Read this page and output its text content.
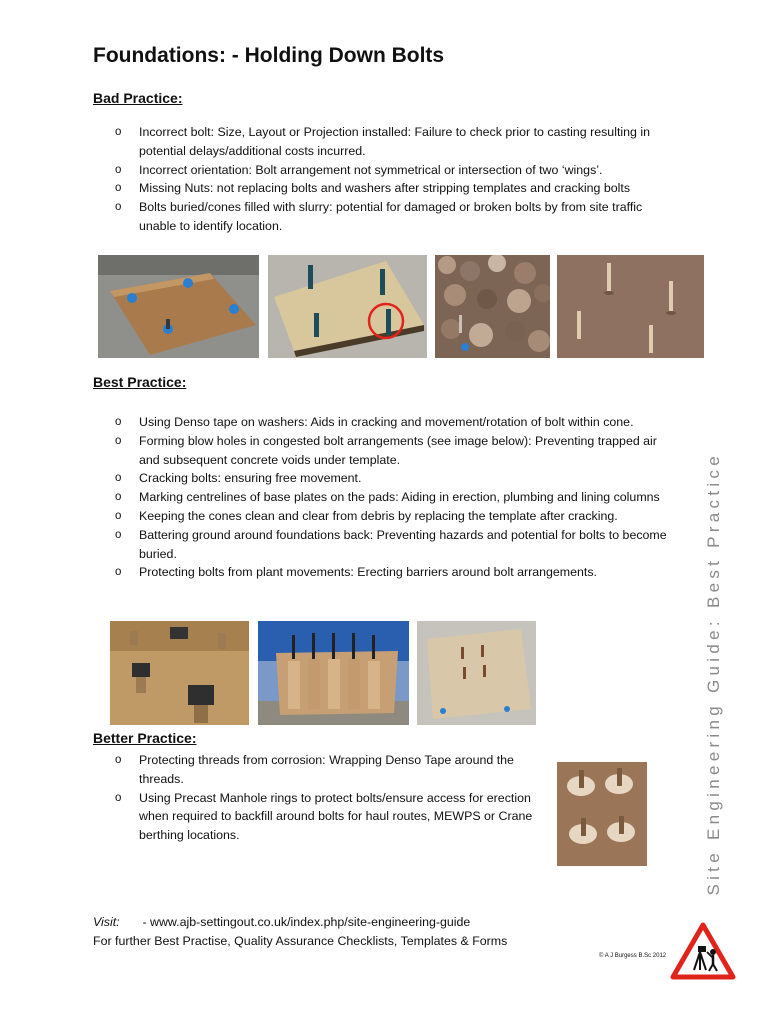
Foundations: - Holding Down Bolts
Bad Practice:
o Incorrect bolt: Size, Layout or Projection installed: Failure to check prior to casting resulting in potential delays/additional costs incurred.
o Incorrect orientation: Bolt arrangement not symmetrical or intersection of two ‘wings’.
o Missing Nuts: not replacing bolts and washers after stripping templates and cracking bolts
o Bolts buried/cones filled with slurry: potential for damaged or broken bolts by from site traffic unable to identify location.
Best Practice:
o Using Denso tape on washers: Aids in cracking and movement/rotation of bolt within cone.
o Forming blow holes in congested bolt arrangements (see image below): Preventing trapped air and subsequent concrete voids under template.
o Cracking bolts: ensuring free movement.
o Marking centrelines of base plates on the pads: Aiding in erection, plumbing and lining columns
o Keeping the cones clean and clear from debris by replacing the template after cracking.
o Battering ground around foundations back: Preventing hazards and potential for bolts to become buried.
o Protecting bolts from plant movements: Erecting barriers around bolt arrangements.
Better Practice:
o Protecting threads from corrosion: Wrapping Denso Tape around the threads.
o Using Precast Manhole rings to protect bolts/ensure access for erection when required to backfill around bolts for haul routes, MEWPS or Crane berthing locations.	Site Engineering Guide: Best Practice
Visit: - www.ajb-settingout.co.uk/index.php/site-engineering-guide
For further Best Practise, Quality Assurance Checklists, Templates & Forms
© A J Burgess B.Sc 2012
